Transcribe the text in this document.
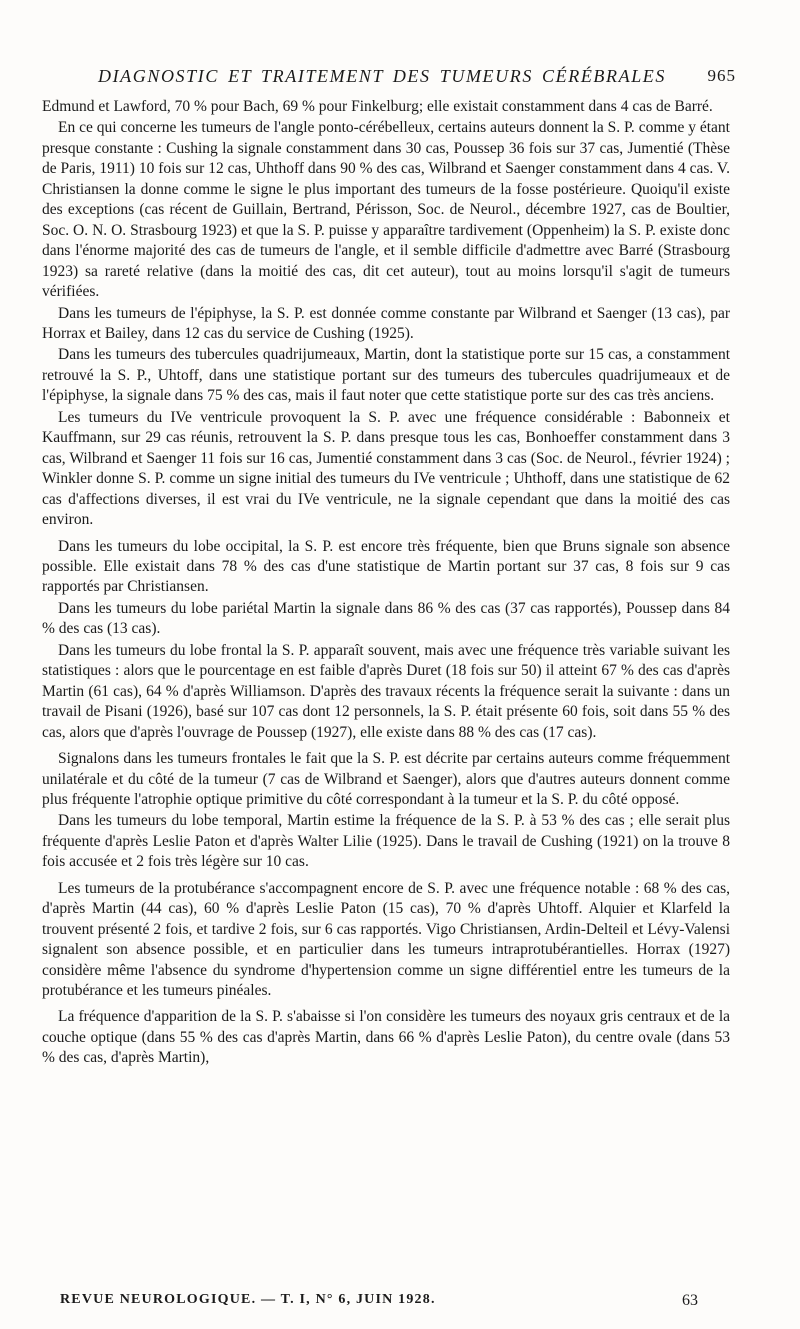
DIAGNOSTIC ET TRAITEMENT DES TUMEURS CÉRÉBRALES	965

Edmund et Lawford, 70 % pour Bach, 69 % pour Finkelburg; elle existait constamment dans 4 cas de Barré.

En ce qui concerne les tumeurs de l'angle ponto-cérébelleux, certains auteurs donnent la S. P. comme y étant presque constante : Cushing la signale constamment dans 30 cas, Poussep 36 fois sur 37 cas, Jumentié (Thèse de Paris, 1911) 10 fois sur 12 cas, Uhthoff dans 90 % des cas, Wilbrand et Saenger constamment dans 4 cas. V. Christiansen la donne comme le signe le plus important des tumeurs de la fosse postérieure. Quoiqu'il existe des exceptions (cas récent de Guillain, Bertrand, Périsson, Soc. de Neurol., décembre 1927, cas de Boultier, Soc. O. N. O. Strasbourg 1923) et que la S. P. puisse y apparaître tardivement (Oppenheim) la S. P. existe donc dans l'énorme majorité des cas de tumeurs de l'angle, et il semble difficile d'admettre avec Barré (Strasbourg 1923) sa rareté relative (dans la moitié des cas, dit cet auteur), tout au moins lorsqu'il s'agit de tumeurs vérifiées.

Dans les tumeurs de l'épiphyse, la S. P. est donnée comme constante par Wilbrand et Saenger (13 cas), par Horrax et Bailey, dans 12 cas du service de Cushing (1925).

Dans les tumeurs des tubercules quadrijumeaux, Martin, dont la statistique porte sur 15 cas, a constamment retrouvé la S. P., Uhtoff, dans une statistique portant sur des tumeurs des tubercules quadrijumeaux et de l'épiphyse, la signale dans 75 % des cas, mais il faut noter que cette statistique porte sur des cas très anciens.

Les tumeurs du IVe ventricule provoquent la S. P. avec une fréquence considérable : Babonneix et Kauffmann, sur 29 cas réunis, retrouvent la S. P. dans presque tous les cas, Bonhoeffer constamment dans 3 cas, Wilbrand et Saenger 11 fois sur 16 cas, Jumentié constamment dans 3 cas (Soc. de Neurol., février 1924) ; Winkler donne S. P. comme un signe initial des tumeurs du IVe ventricule ; Uhthoff, dans une statistique de 62 cas d'affections diverses, il est vrai du IVe ventricule, ne la signale cependant que dans la moitié des cas environ.

Dans les tumeurs du lobe occipital, la S. P. est encore très fréquente, bien que Bruns signale son absence possible. Elle existait dans 78 % des cas d'une statistique de Martin portant sur 37 cas, 8 fois sur 9 cas rapportés par Christiansen.

Dans les tumeurs du lobe pariétal Martin la signale dans 86 % des cas (37 cas rapportés), Poussep dans 84 % des cas (13 cas).

Dans les tumeurs du lobe frontal la S. P. apparaît souvent, mais avec une fréquence très variable suivant les statistiques : alors que le pourcentage en est faible d'après Duret (18 fois sur 50) il atteint 67 % des cas d'après Martin (61 cas), 64 % d'après Williamson. D'après des travaux récents la fréquence serait la suivante : dans un travail de Pisani (1926), basé sur 107 cas dont 12 personnels, la S. P. était présente 60 fois, soit dans 55 % des cas, alors que d'après l'ouvrage de Poussep (1927), elle existe dans 88 % des cas (17 cas).

Signalons dans les tumeurs frontales le fait que la S. P. est décrite par certains auteurs comme fréquemment unilatérale et du côté de la tumeur (7 cas de Wilbrand et Saenger), alors que d'autres auteurs donnent comme plus fréquente l'atrophie optique primitive du côté correspondant à la tumeur et la S. P. du côté opposé.

Dans les tumeurs du lobe temporal, Martin estime la fréquence de la S. P. à 53 % des cas ; elle serait plus fréquente d'après Leslie Paton et d'après Walter Lilie (1925). Dans le travail de Cushing (1921) on la trouve 8 fois accusée et 2 fois très légère sur 10 cas.

Les tumeurs de la protubérance s'accompagnent encore de S. P. avec une fréquence notable : 68 % des cas, d'après Martin (44 cas), 60 % d'après Leslie Paton (15 cas), 70 % d'après Uhtoff. Alquier et Klarfeld la trouvent présenté 2 fois, et tardive 2 fois, sur 6 cas rapportés. Vigo Christiansen, Ardin-Delteil et Lévy-Valensi signalent son absence possible, et en particulier dans les tumeurs intraprotubérantielles. Horrax (1927) considère même l'absence du syndrome d'hypertension comme un signe différentiel entre les tumeurs de la protubérance et les tumeurs pinéales.

La fréquence d'apparition de la S. P. s'abaisse si l'on considère les tumeurs des noyaux gris centraux et de la couche optique (dans 55 % des cas d'après Martin, dans 66 % d'après Leslie Paton), du centre ovale (dans 53 % des cas, d'après Martin),

REVUE NEUROLOGIQUE. — T. I, N° 6, JUIN 1928.	63
